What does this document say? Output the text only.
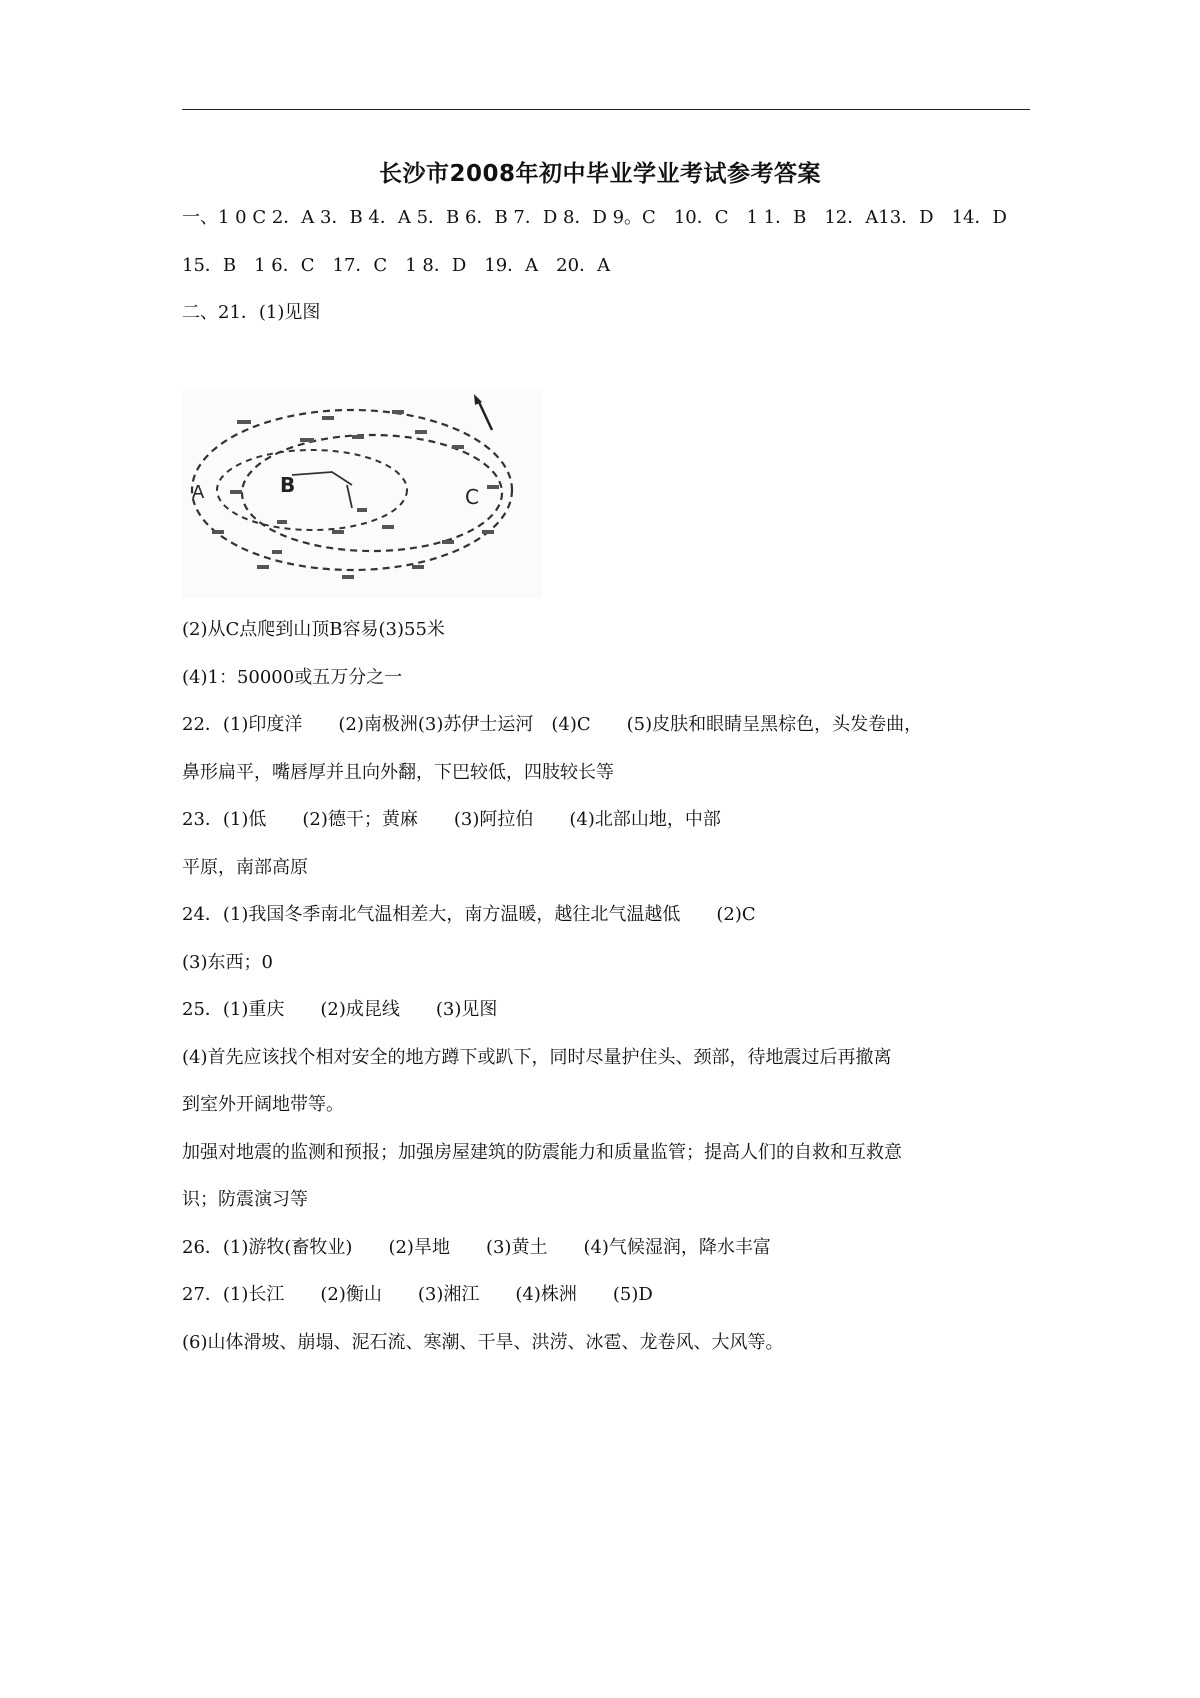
长沙市2008年初中毕业学业考试参考答案
一、1 0 C 2．A 3．B 4．A 5．B 6．B 7．D 8．D 9。C　10．C　1 1．B　12．A13．D　14．D
15．B　1 6．C　17．C　1 8．D　19．A　20．A
二、21．(1)见图
A	B	C
(2)从C点爬到山顶B容易(3)55米
(4)1：50000或五万分之一
22．(1)印度洋　　(2)南极洲(3)苏伊士运河　(4)C　　(5)皮肤和眼睛呈黑棕色，头发卷曲，
鼻形扁平，嘴唇厚并且向外翻，下巴较低，四肢较长等
23．(1)低　　(2)德干；黄麻　　(3)阿拉伯　　(4)北部山地，中部
平原，南部高原
24．(1)我国冬季南北气温相差大，南方温暖，越往北气温越低　　(2)C
(3)东西；0
25．(1)重庆　　(2)成昆线　　(3)见图
(4)首先应该找个相对安全的地方蹲下或趴下，同时尽量护住头、颈部，待地震过后再撤离
到室外开阔地带等。
加强对地震的监测和预报；加强房屋建筑的防震能力和质量监管；提高人们的自救和互救意
识；防震演习等
26．(1)游牧(畜牧业)　　(2)旱地　　(3)黄土　　(4)气候湿润，降水丰富
27．(1)长江　　(2)衡山　　(3)湘江　　(4)株洲　　(5)D
(6)山体滑坡、崩塌、泥石流、寒潮、干旱、洪涝、冰雹、龙卷风、大风等。
